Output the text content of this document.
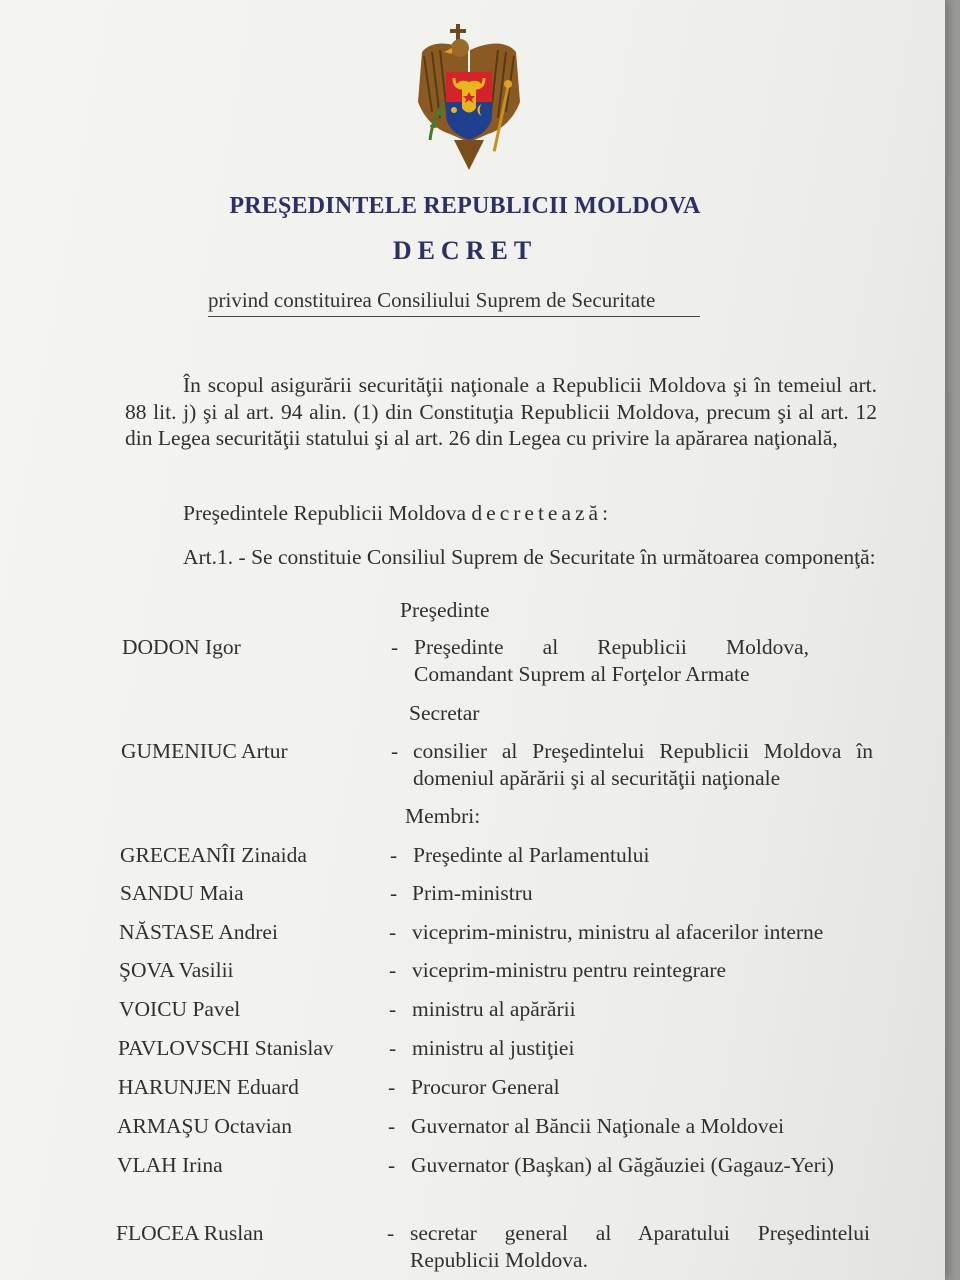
PREŞEDINTELE REPUBLICII MOLDOVA
DECRET
privind constituirea Consiliului Suprem de Securitate
În scopul asigurării securităţii naţionale a Republicii Moldova şi în temeiul art. 88 lit. j) şi al art. 94 alin. (1) din Constituţia Republicii Moldova, precum şi al art. 12 din Legea securităţii statului şi al art. 26 din Legea cu privire la apărarea naţională,
Preşedintele Republicii Moldova decretează:
Art.1. - Se constituie Consiliul Suprem de Securitate în următoarea componenţă:
Preşedinte
Secretar
Membri:
DODON Igor	- Preşedinte al Republicii Moldova, Comandant Suprem al Forţelor Armate
GUMENIUC Artur	- consilier al Preşedintelui Republicii Moldova în domeniul apărării şi al securităţii naţionale
GRECEANÎI Zinaida	- Preşedinte al Parlamentului
SANDU Maia	- Prim-ministru
NĂSTASE Andrei	- viceprim-ministru, ministru al afacerilor interne
ŞOVA Vasilii	- viceprim-ministru pentru reintegrare
VOICU Pavel	- ministru al apărării
PAVLOVSCHI Stanislav	- ministru al justiţiei
HARUNJEN Eduard	- Procuror General
ARMAŞU Octavian	- Guvernator al Băncii Naţionale a Moldovei
VLAH Irina	- Guvernator (Başkan) al Găgăuziei (Gagauz-Yeri)
FLOCEA Ruslan	- secretar general al Aparatului Preşedintelui Republicii Moldova.
